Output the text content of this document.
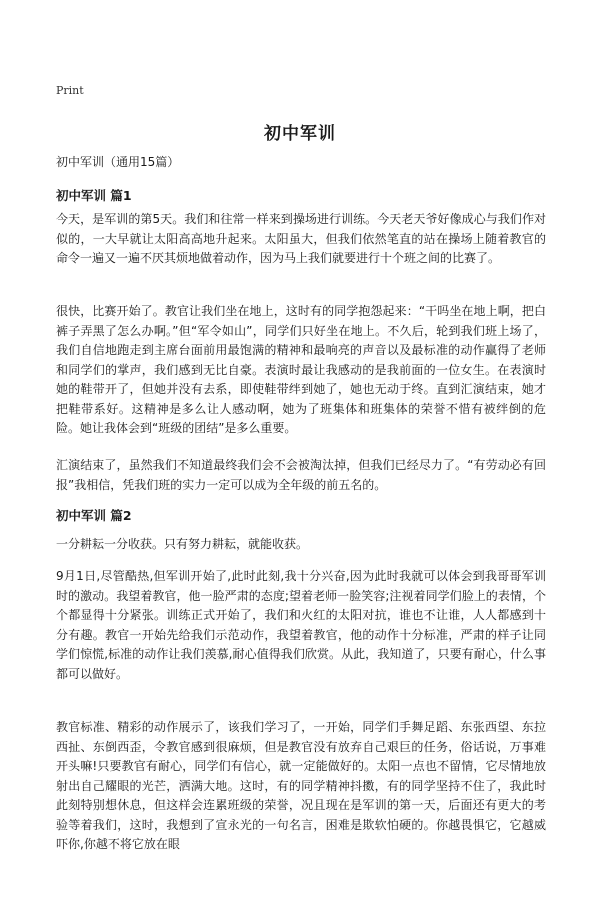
Print
初中军训
初中军训（通用15篇）
初中军训 篇1

今天，是军训的第5天。我们和往常一样来到操场进行训练。今天老天爷好像成心与我们作对似的，一大早就让太阳高高地升起来。太阳虽大，但我们依然笔直的站在操场上随着教官的命令一遍又一遍不厌其烦地做着动作，因为马上我们就要进行十个班之间的比赛了。

很快，比赛开始了。教官让我们坐在地上，这时有的同学抱怨起来：“干吗坐在地上啊，把白裤子弄黑了怎么办啊。”但“军令如山”，同学们只好坐在地上。不久后，轮到我们班上场了，我们自信地跑走到主席台面前用最饱满的精神和最响亮的声音以及最标准的动作赢得了老师和同学们的掌声，我们感到无比自豪。表演时最让我感动的是我前面的一位女生。在表演时她的鞋带开了，但她并没有去系，即使鞋带绊到她了，她也无动于终。直到汇演结束，她才把鞋带系好。这精神是多么让人感动啊，她为了班集体和班集体的荣誉不惜有被绊倒的危险。她让我体会到“班级的团结”是多么重要。

汇演结束了，虽然我们不知道最终我们会不会被淘汰掉，但我们已经尽力了。“有劳动必有回报”我相信，凭我们班的实力一定可以成为全年级的前五名的。

初中军训 篇2

一分耕耘一分收获。只有努力耕耘，就能收获。

9月1日,尽管酷热,但军训开始了,此时此刻,我十分兴奋,因为此时我就可以体会到我哥哥军训时的激动。我望着教官，他一脸严肃的态度;望着老师一脸笑容;注视着同学们脸上的表情，个个都显得十分紧张。训练正式开始了，我们和火红的太阳对抗，谁也不让谁，人人都感到十分有趣。教官一开始先给我们示范动作，我望着教官，他的动作十分标准，严肃的样子让同学们惊慌,标准的动作让我们羡慕,耐心值得我们欣赏。从此，我知道了，只要有耐心，什么事都可以做好。

教官标准、精彩的动作展示了，该我们学习了，一开始，同学们手舞足蹈、东张西望、东拉西扯、东倒西歪，令教官感到很麻烦，但是教官没有放弃自己艰巨的任务，俗话说，万事难开头嘛!只要教官有耐心，同学们有信心，就一定能做好的。太阳一点也不留情，它尽情地放射出自己耀眼的光芒，洒满大地。这时，有的同学精神抖擞，有的同学坚持不住了，我此时此刻特别想休息，但这样会连累班级的荣誉，况且现在是军训的第一天，后面还有更大的考验等着我们，这时，我想到了宣永光的一句名言，困难是欺软怕硬的。你越畏惧它，它越威吓你,你越不将它放在眼
